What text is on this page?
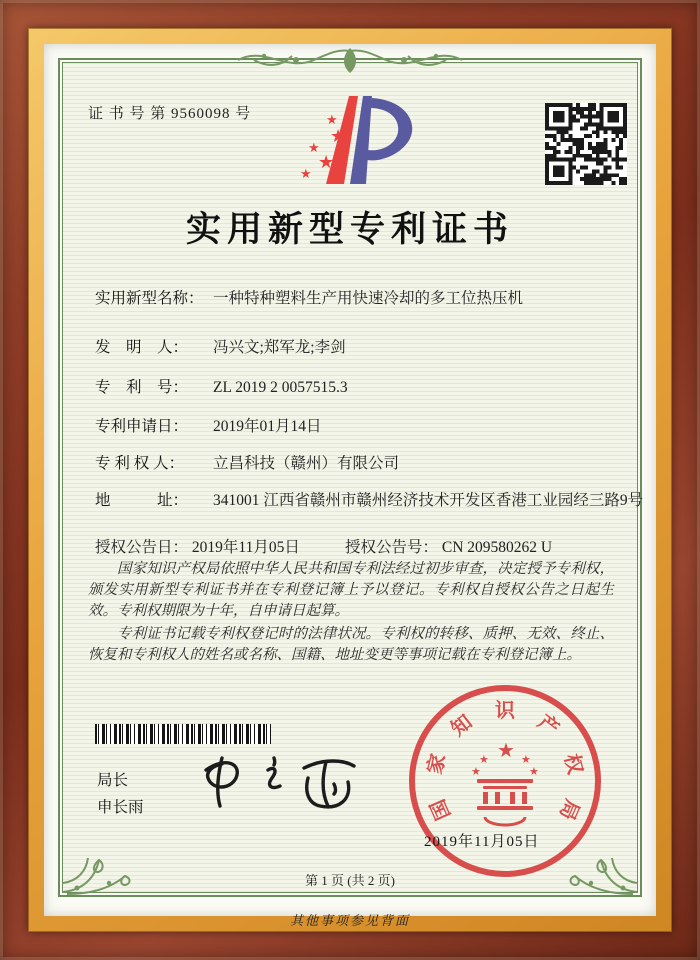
证 书 号 第 9560098 号	★
★
★
★
★
实用新型专利证书
实用新型名称： 一种特种塑料生产用快速冷却的多工位热压机
发　明　人：	冯兴文;郑军龙;李剑
专　利　号：	ZL 2019 2 0057515.3
专利申请日：	2019年01月14日
专 利 权 人：	立昌科技（赣州）有限公司
地　　　址：	341001 江西省赣州市赣州经济技术开发区香港工业园经三路9号
授权公告日： 2019年11月05日	授权公告号： CN 209580262 U

国家知识产权局依照中华人民共和国专利法经过初步审查，决定授予专利权，颁发实用新型专利证书并在专利登记簿上予以登记。专利权自授权公告之日起生效。专利权期限为十年，自申请日起算。

专利证书记载专利权登记时的法律状况。专利权的转移、质押、无效、终止、恢复和专利权人的姓名或名称、国籍、地址变更等事项记载在专利登记簿上。

局长
申长雨	国
家
知
识
产
权
局
★
★	★
★	★
2019年11月05日
第 1 页 (共 2 页)
其他事项参见背面
